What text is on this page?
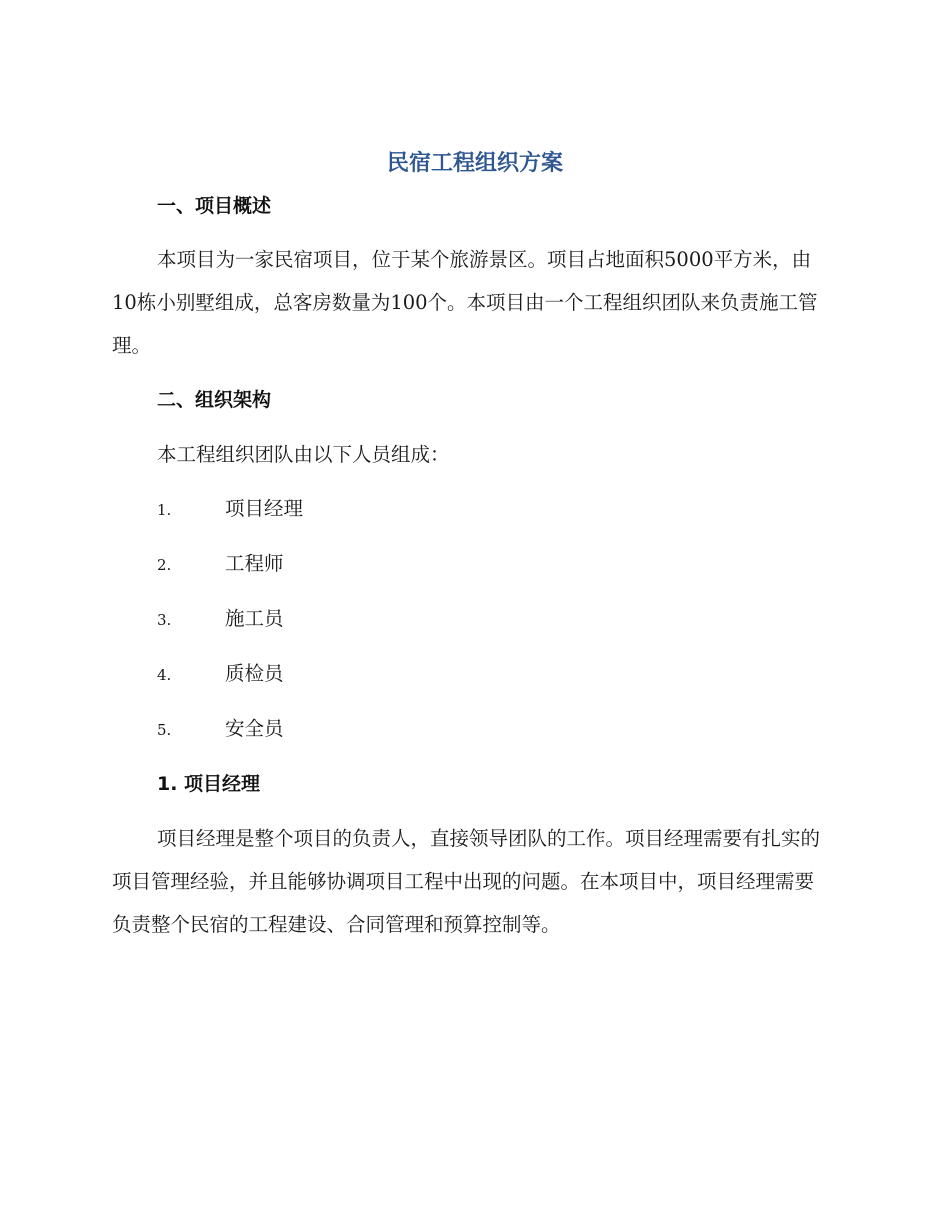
民宿工程组织方案
一、项目概述

本项目为一家民宿项目，位于某个旅游景区。项目占地面积5000平方米，由10栋小别墅组成，总客房数量为100个。本项目由一个工程组织团队来负责施工管理。

二、组织架构

本工程组织团队由以下人员组成：

1.	项目经理
2.	工程师
3.	施工员
4.	质检员
5.	安全员
1. 项目经理

项目经理是整个项目的负责人，直接领导团队的工作。项目经理需要有扎实的项目管理经验，并且能够协调项目工程中出现的问题。在本项目中，项目经理需要负责整个民宿的工程建设、合同管理和预算控制等。
